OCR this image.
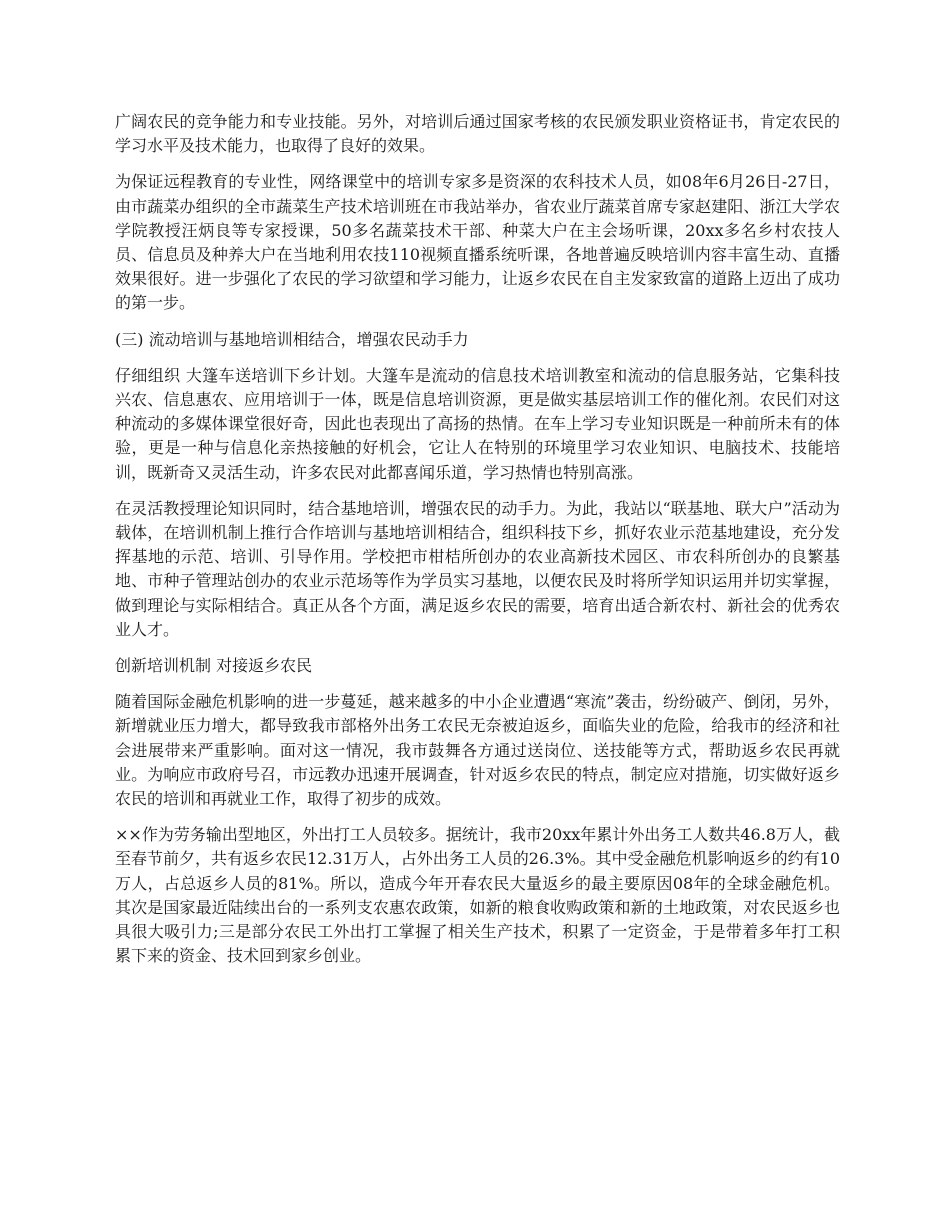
广阔农民的竞争能力和专业技能。另外，对培训后通过国家考核的农民颁发职业资格证书，肯定农民的学习水平及技术能力，也取得了良好的效果。

为保证远程教育的专业性，网络课堂中的培训专家多是资深的农科技术人员，如08年6月26日-27日，由市蔬菜办组织的全市蔬菜生产技术培训班在市我站举办，省农业厅蔬菜首席专家赵建阳、浙江大学农学院教授汪炳良等专家授课，50多名蔬菜技术干部、种菜大户在主会场听课，20xx多名乡村农技人员、信息员及种养大户在当地利用农技110视频直播系统听课，各地普遍反映培训内容丰富生动、直播效果很好。进一步强化了农民的学习欲望和学习能力，让返乡农民在自主发家致富的道路上迈出了成功的第一步。

(三) 流动培训与基地培训相结合，增强农民动手力

仔细组织 大篷车送培训下乡计划。大篷车是流动的信息技术培训教室和流动的信息服务站，它集科技兴农、信息惠农、应用培训于一体，既是信息培训资源，更是做实基层培训工作的催化剂。农民们对这种流动的多媒体课堂很好奇，因此也表现出了高扬的热情。在车上学习专业知识既是一种前所未有的体验，更是一种与信息化亲热接触的好机会，它让人在特别的环境里学习农业知识、电脑技术、技能培训，既新奇又灵活生动，许多农民对此都喜闻乐道，学习热情也特别高涨。

在灵活教授理论知识同时，结合基地培训，增强农民的动手力。为此，我站以“联基地、联大户”活动为载体，在培训机制上推行合作培训与基地培训相结合，组织科技下乡，抓好农业示范基地建设，充分发挥基地的示范、培训、引导作用。学校把市柑桔所创办的农业高新技术园区、市农科所创办的良繁基地、市种子管理站创办的农业示范场等作为学员实习基地，以便农民及时将所学知识运用并切实掌握，做到理论与实际相结合。真正从各个方面，满足返乡农民的需要，培育出适合新农村、新社会的优秀农业人才。

创新培训机制 对接返乡农民

随着国际金融危机影响的进一步蔓延，越来越多的中小企业遭遇“寒流”袭击，纷纷破产、倒闭，另外，新增就业压力增大，都导致我市部格外出务工农民无奈被迫返乡，面临失业的危险，给我市的经济和社会进展带来严重影响。面对这一情况，我市鼓舞各方通过送岗位、送技能等方式，帮助返乡农民再就业。为响应市政府号召，市远教办迅速开展调查，针对返乡农民的特点，制定应对措施，切实做好返乡农民的培训和再就业工作，取得了初步的成效。

××作为劳务输出型地区，外出打工人员较多。据统计，我市20xx年累计外出务工人数共46.8万人，截至春节前夕，共有返乡农民12.31万人，占外出务工人员的26.3%。其中受金融危机影响返乡的约有10万人，占总返乡人员的81%。所以，造成今年开春农民大量返乡的最主要原因08年的全球金融危机。其次是国家最近陆续出台的一系列支农惠农政策，如新的粮食收购政策和新的土地政策，对农民返乡也具很大吸引力;三是部分农民工外出打工掌握了相关生产技术，积累了一定资金，于是带着多年打工积累下来的资金、技术回到家乡创业。
